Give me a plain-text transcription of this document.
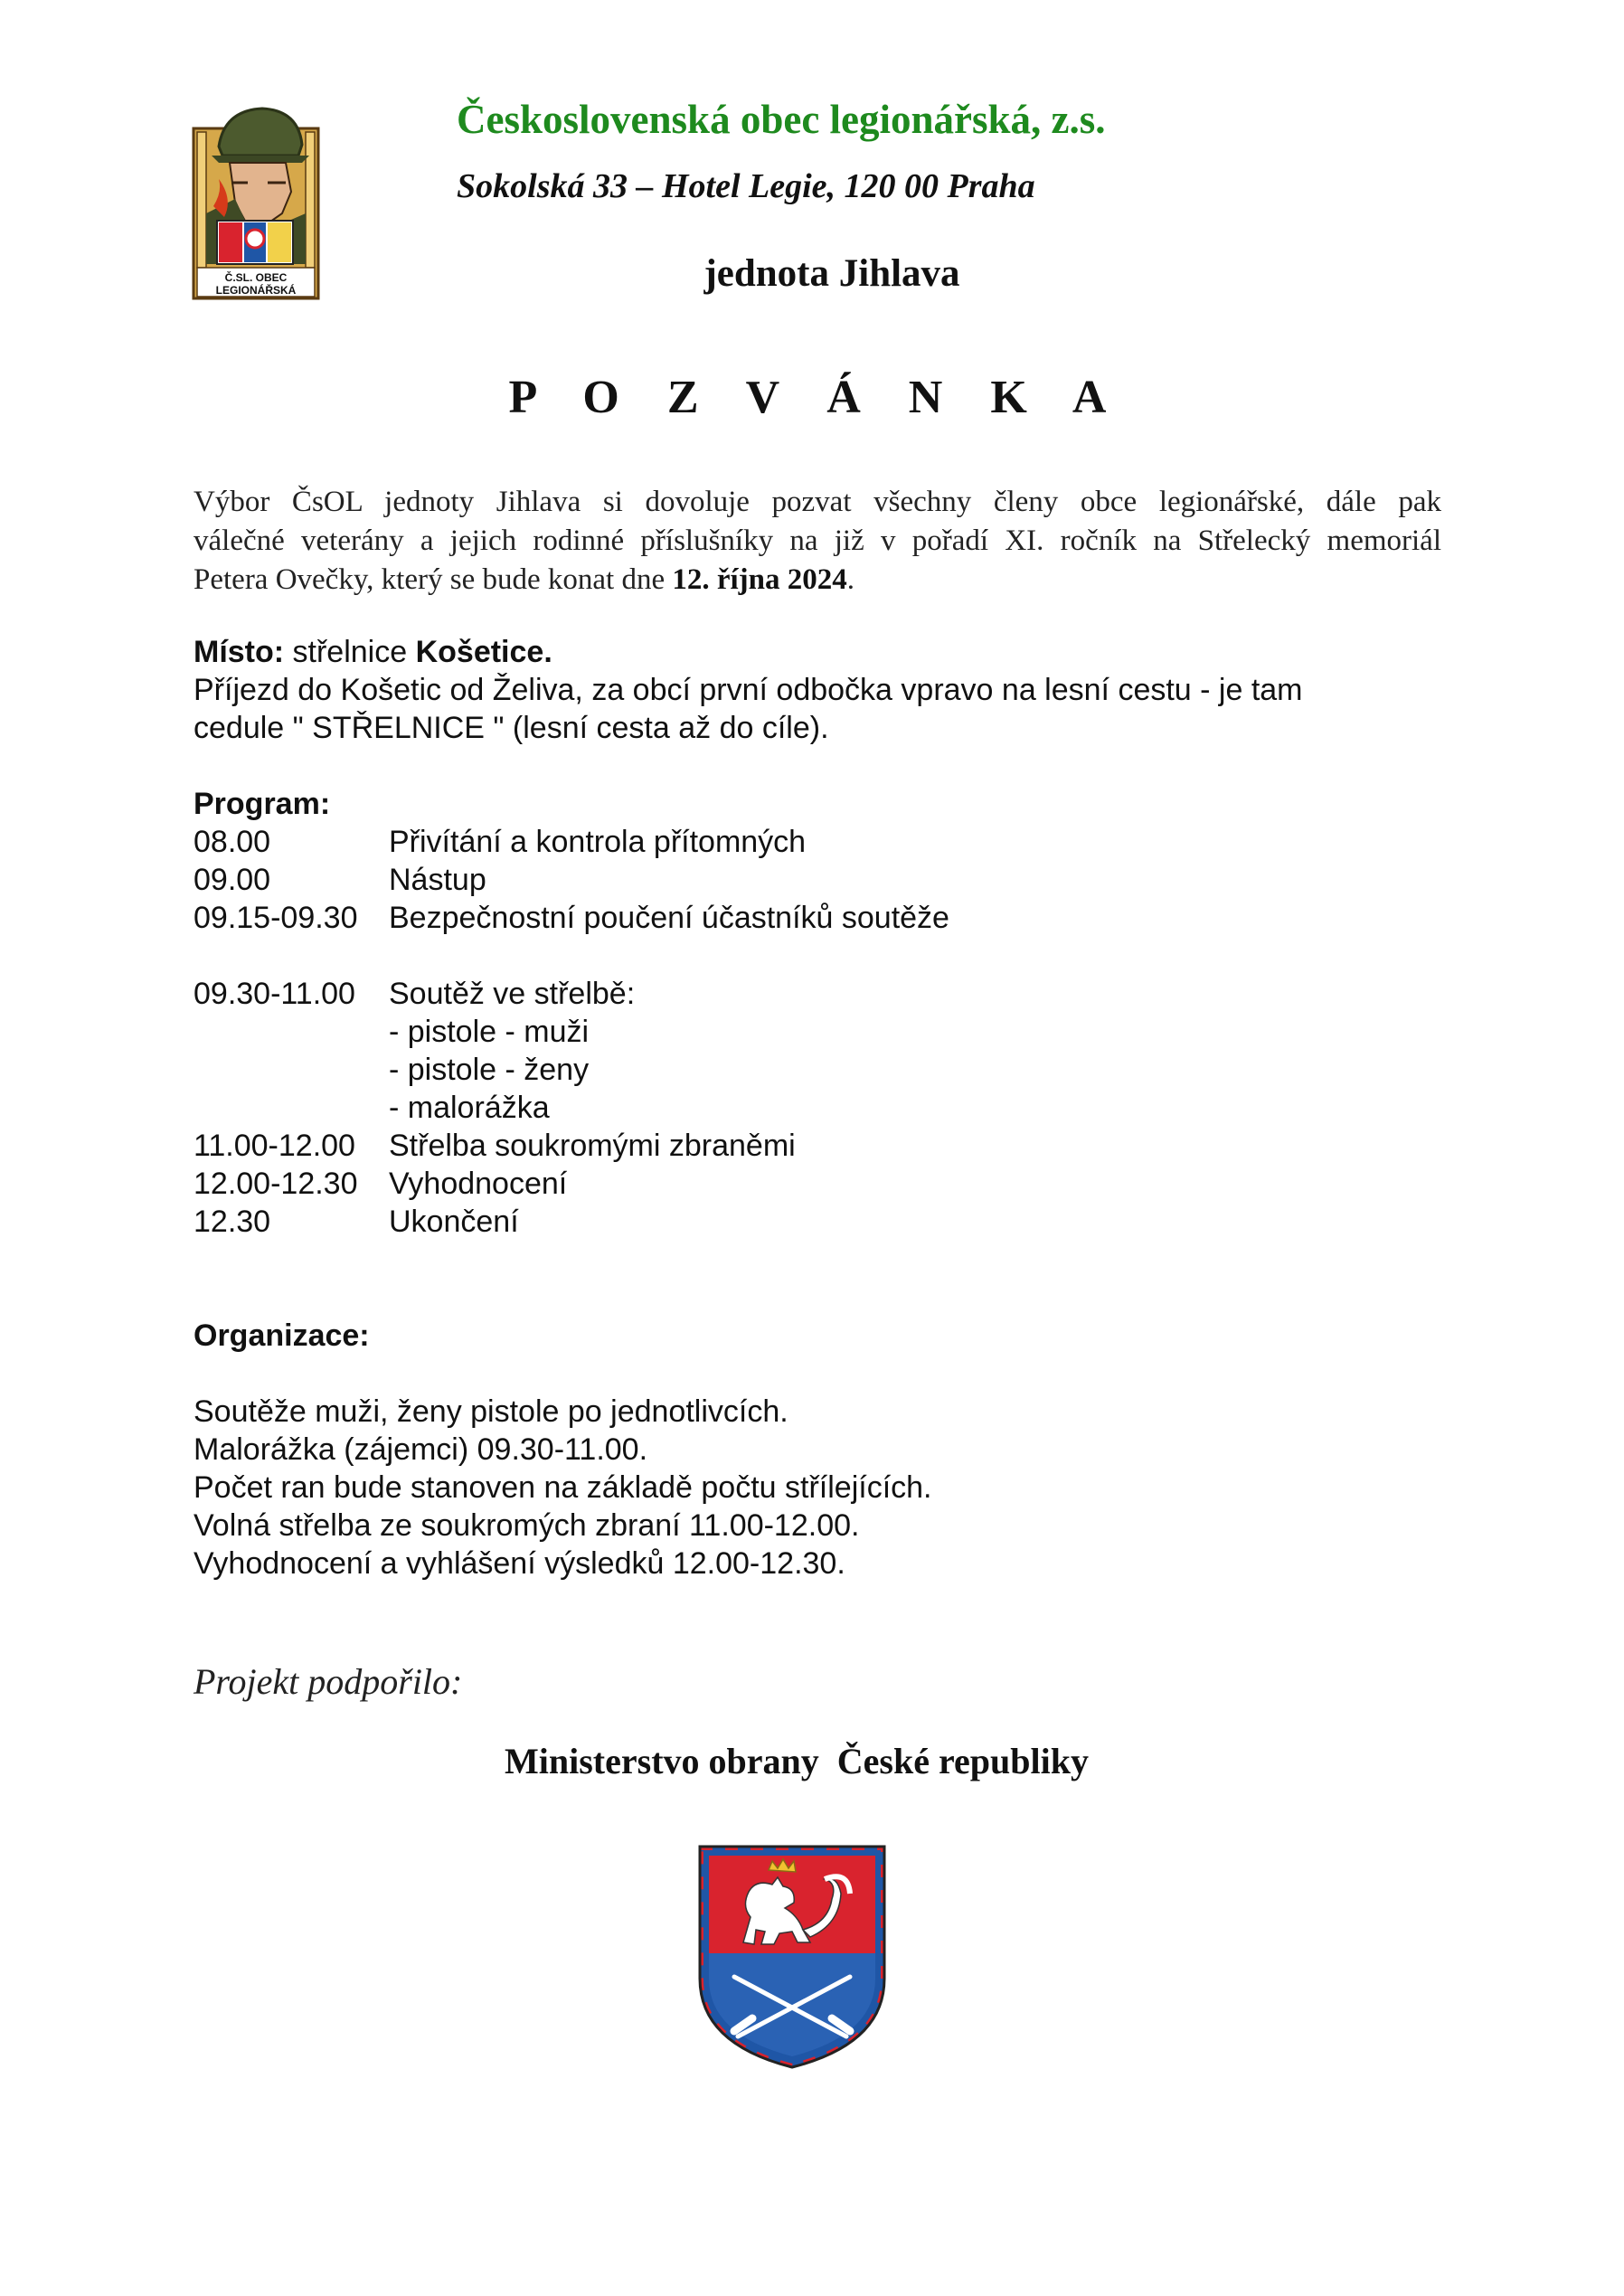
Č.SL. OBEC
LEGIONÁŘSKÁ

Československá obec legionářská, z.s.

Sokolská 33 – Hotel Legie, 120 00 Praha

jednota Jihlava

P O Z V Á N K A

Výbor ČsOL jednoty Jihlava si dovoluje pozvat všechny členy obce legionářské, dále pak
válečné veterány a jejich rodinné příslušníky na již v pořadí XI. ročník na Střelecký memoriál
Petera Ovečky, který se bude konat dne 12. října 2024.
Místo: střelnice Košetice.
Příjezd do Košetic od Želiva, za obcí první odbočka vpravo na lesní cestu - je tam
cedule " STŘELNICE " (lesní cesta až do cíle).
Program:
08.00	Přivítání a kontrola přítomných
09.00	Nástup
09.15-09.30	Bezpečnostní poučení účastníků soutěže
09.30-11.00	Soutěž ve střelbě:
- pistole - muži
- pistole - ženy
- malorážka
11.00-12.00	Střelba soukromými zbraněmi
12.00-12.30	Vyhodnocení
12.30	Ukončení
Organizace:
Soutěže muži, ženy pistole po jednotlivcích.
Malorážka (zájemci) 09.30-11.00.
Počet ran bude stanoven na základě počtu střílejících.
Volná střelba ze soukromých zbraní 11.00-12.00.
Vyhodnocení a vyhlášení výsledků 12.00-12.30.

Projekt podpořilo:

Ministerstvo obrany  České republiky
